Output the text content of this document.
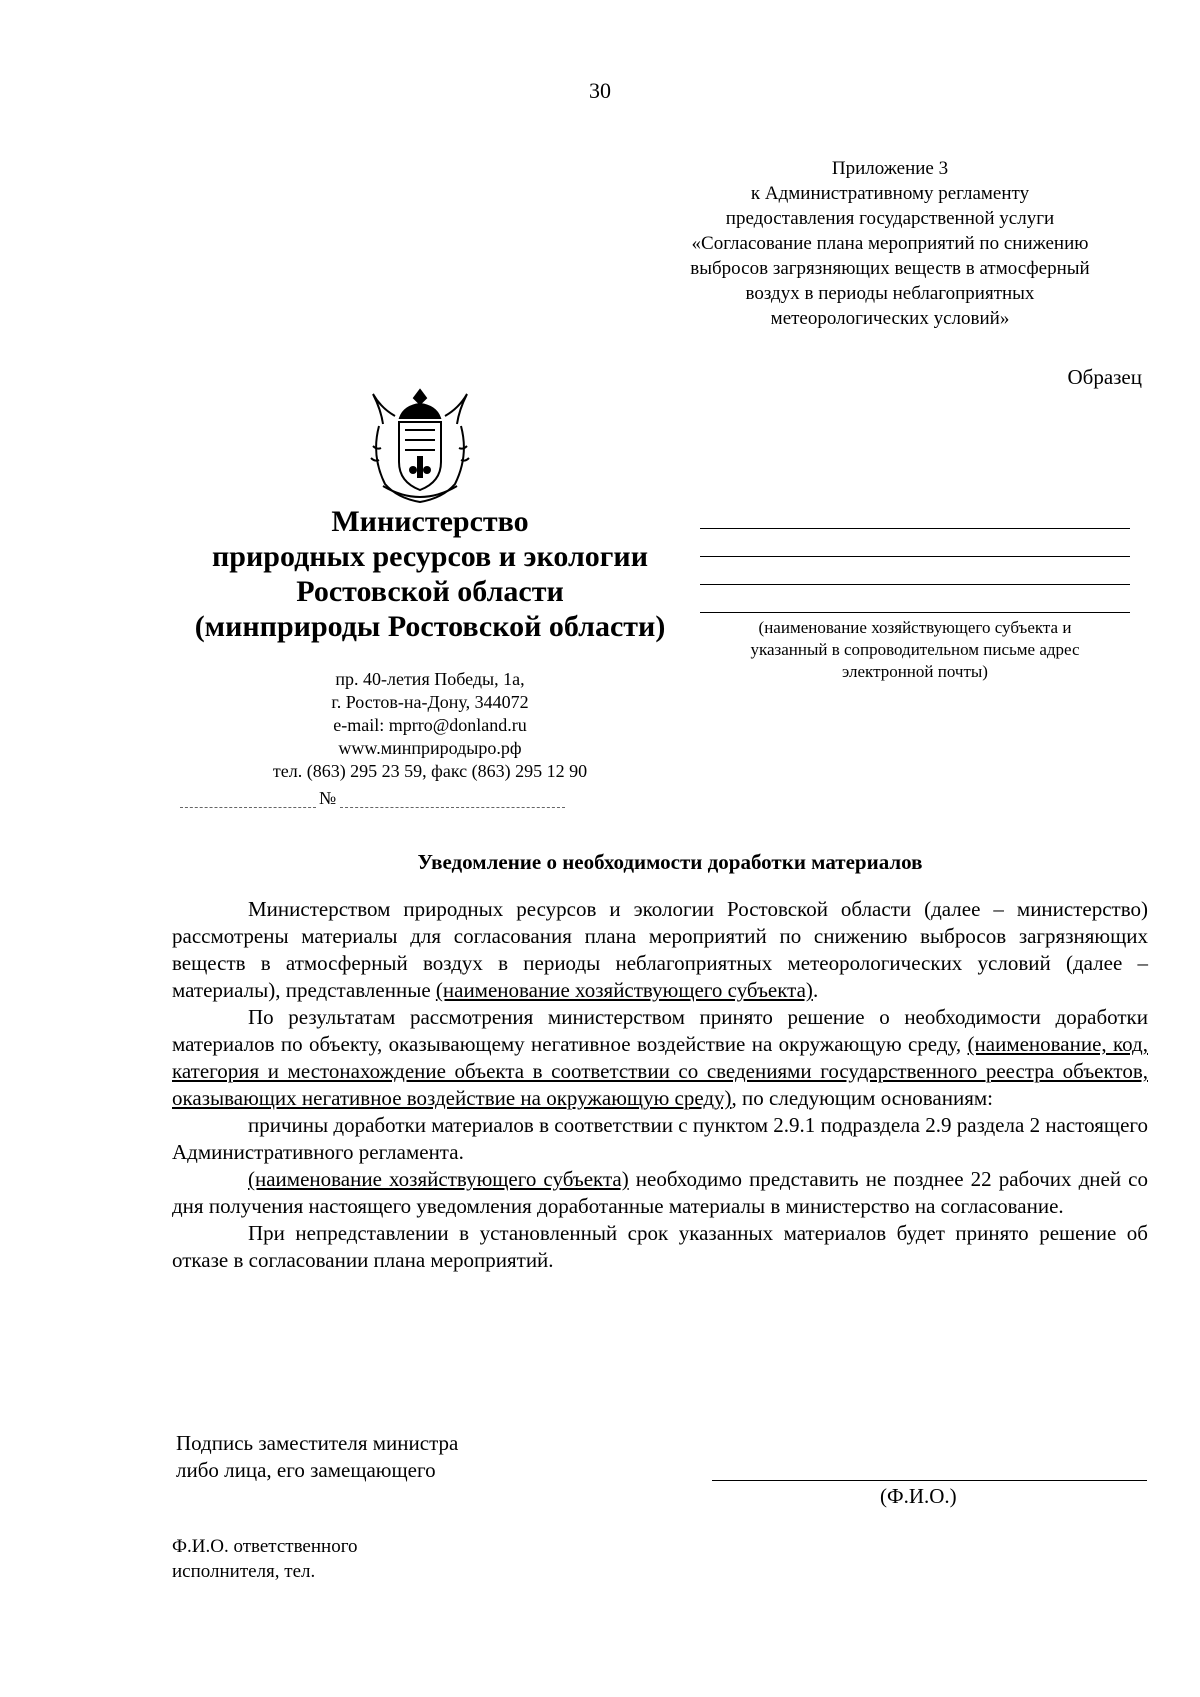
30
Приложение 3
к Административному регламенту
предоставления государственной услуги
«Согласование плана мероприятий по снижению
выбросов загрязняющих веществ в атмосферный
воздух в периоды неблагоприятных
метеорологических условий»
Образец
Министерство
природных ресурсов и экологии
Ростовской области
(минприроды Ростовской области)
пр. 40-летия Победы, 1а,
г. Ростов-на-Дону, 344072
e-mail: mprro@donland.ru
www.минприродыро.рф
тел. (863) 295 23 59, факс (863) 295 12 90
№
(наименование хозяйствующего субъекта и
указанный в сопроводительном письме адрес
электронной почты)
Уведомление о необходимости доработки материалов

Министерством природных ресурсов и экологии Ростовской области (далее – министерство) рассмотрены материалы для согласования плана мероприятий по снижению выбросов загрязняющих веществ в атмосферный воздух в периоды неблагоприятных метеорологических условий (далее – материалы), представленные (наименование хозяйствующего субъекта).

По результатам рассмотрения министерством принято решение о необходимости доработки материалов по объекту, оказывающему негативное воздействие на окружающую среду, (наименование, код, категория и местонахождение объекта в соответствии со сведениями государственного реестра объектов, оказывающих негативное воздействие на окружающую среду), по следующим основаниям:

причины доработки материалов в соответствии с пунктом 2.9.1 подраздела 2.9 раздела 2 настоящего Административного регламента.

(наименование хозяйствующего субъекта) необходимо представить не позднее 22 рабочих дней со дня получения настоящего уведомления доработанные материалы в министерство на согласование.

При непредставлении в установленный срок указанных материалов будет принято решение об отказе в согласовании плана мероприятий.

Подпись заместителя министра
либо лица, его замещающего
(Ф.И.О.)
Ф.И.О. ответственного
исполнителя, тел.
